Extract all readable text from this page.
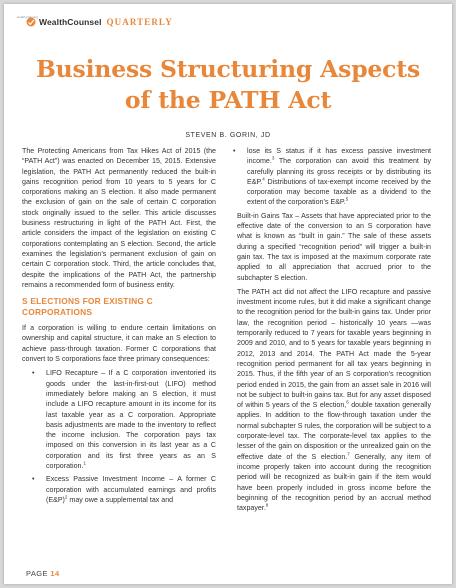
WealthCounsel QUARTERLY
wealth planning
Business Structuring Aspects
of the PATH Act
STEVEN B. GORIN, JD

The Protecting Americans from Tax Hikes Act of 2015 (the “PATH Act”) was enacted on December 15, 2015. Extensive legislation, the PATH Act permanently reduced the built-in gains recognition period from 10 years to 5 years for C corporations making an S election. It also made permanent the exclusion of gain on the sale of certain C corporation stock originally issued to the seller. This article discusses business restructuring in light of the PATH Act. First, the article considers the impact of the legislation on existing C corporations contemplating an S election. Second, the article examines the legislation’s permanent exclusion of gain on certain C corporation stock. Third, the article concludes that, despite the implications of the PATH Act, the partnership remains a recommended form of business entity.

S ELECTIONS FOR EXISTING C CORPORATIONS

If a corporation is willing to endure certain limitations on ownership and capital structure, it can make an S election to achieve pass-through taxation. Former C corporations that convert to S corporations face three primary consequences:

• LIFO Recapture – If a C corporation inventoried its goods under the last-in-first-out (LIFO) method immediately before making an S election, it must include a LIFO recapture amount in its income for its last taxable year as a C corporation. Appropriate basis adjustments are made to the inventory to reflect the income inclusion. The corporation pays tax imposed on this conversion in its last year as a C corporation and its first three years as an S corporation.$^1$
• Excess Passive Investment Income – A former C corporation with accumulated earnings and profits (E&P)$^2$ may owe a supplemental tax and
• lose its S status if it has excess passive investment income.$^3$ The corporation can avoid this treatment by carefully planning its gross receipts or by distributing its E&P.$^4$ Distributions of tax-exempt income received by the corporation may become taxable as a dividend to the extent of the corporation’s E&P.$^5$

Built-in Gains Tax – Assets that have appreciated prior to the effective date of the conversion to an S corporation have what is known as “built in gain.” The sale of these assets during a specified “recognition period” will trigger a built-in gain tax. The tax is imposed at the maximum corporate rate applied to all appreciation that accrued prior to the subchapter S election.

The PATH act did not affect the LIFO recapture and passive investment income rules, but it did make a significant change to the recognition period for the built-in gains tax. Under prior law, the recognition period – historically 10 years —was temporarily reduced to 7 years for taxable years beginning in 2009 and 2010, and to 5 years for taxable years beginning in 2012, 2013 and 2014. The PATH Act made the 5-year recognition period permanent for all tax years beginning in 2015. Thus, if the fifth year of an S corporation’s recognition period ended in 2015, the gain from an asset sale in 2016 will not be subject to built-in gains tax. But for any asset disposed of within 5 years of the S election,$^6$ double taxation generally applies. In addition to the flow-through taxation under the normal subchapter S rules, the corporation will be subject to a corporate-level tax. The corporate-level tax applies to the lesser of the gain on disposition or the unrealized gain on the effective date of the S election.$^7$ Generally, any item of income properly taken into account during the recognition period will be recognized as built-in gain if the item would have been properly included in gross income before the beginning of the recognition period by an accrual method taxpayer.$^8$

PAGE 14
